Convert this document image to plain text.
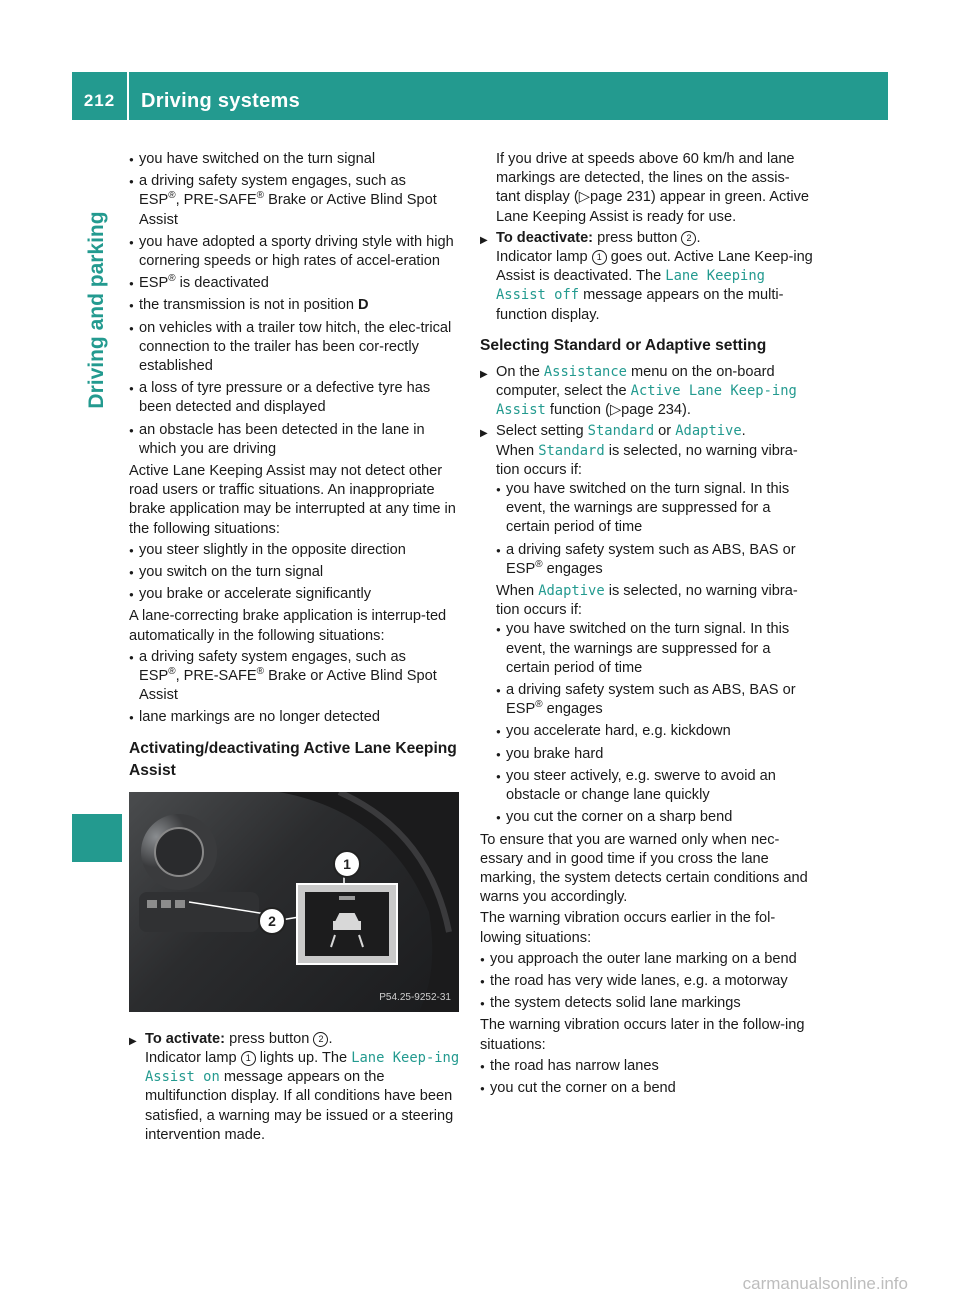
212	Driving systems
Driving and parking
● you have switched on the turn signal
● a driving safety system engages, such as
ESP®, PRE-SAFE® Brake or Active Blind Spot Assist
● you have adopted a sporty driving style with high cornering speeds or high rates of accel-eration
● ESP® is deactivated
● the transmission is not in position D
● on vehicles with a trailer tow hitch, the elec-trical connection to the trailer has been cor-rectly established
● a loss of tyre pressure or a defective tyre has been detected and displayed
● an obstacle has been detected in the lane in which you are driving

Active Lane Keeping Assist may not detect other road users or traffic situations. An inappropriate brake application may be interrupted at any time in the following situations:

● you steer slightly in the opposite direction
● you switch on the turn signal
● you brake or accelerate significantly

A lane-correcting brake application is interrup-ted automatically in the following situations:

● a driving safety system engages, such as
ESP®, PRE-SAFE® Brake or Active Blind Spot Assist
● lane markings are no longer detected
Activating/deactivating Active Lane Keeping Assist
1
2
P54.25-9252-31
▶ To activate: press button 2 .
Indicator lamp 1 lights up. The Lane Keep-ing Assist on message appears on the multifunction display. If all conditions have been satisfied, a warning may be issued or a steering intervention made.

If you drive at speeds above 60 km/h and lane markings are detected, the lines on the assis-tant display (▷page 231) appear in green. Active Lane Keeping Assist is ready for use.

▶ To deactivate: press button 2 .
Indicator lamp 1 goes out. Active Lane Keep-ing Assist is deactivated. The Lane Keeping Assist off message appears on the multi-function display.
Selecting Standard or Adaptive setting
▶ On the Assistance menu on the on-board computer, select the Active Lane Keep-ing Assist function (▷page 234).
▶ Select setting Standard or Adaptive.
When Standard is selected, no warning vibra-tion occurs if:
● you have switched on the turn signal. In this event, the warnings are suppressed for a certain period of time
● a driving safety system such as ABS, BAS or
ESP® engages
When Adaptive is selected, no warning vibra-tion occurs if:
● you have switched on the turn signal. In this event, the warnings are suppressed for a certain period of time
● a driving safety system such as ABS, BAS or
ESP® engages
● you accelerate hard, e.g. kickdown
● you brake hard
● you steer actively, e.g. swerve to avoid an obstacle or change lane quickly
● you cut the corner on a sharp bend

To ensure that you are warned only when nec-essary and in good time if you cross the lane marking, the system detects certain conditions and warns you accordingly.

The warning vibration occurs earlier in the fol-lowing situations:

● you approach the outer lane marking on a bend
● the road has very wide lanes, e.g. a motorway
● the system detects solid lane markings

The warning vibration occurs later in the follow-ing situations:

● the road has narrow lanes
● you cut the corner on a bend
carmanualsonline.info
